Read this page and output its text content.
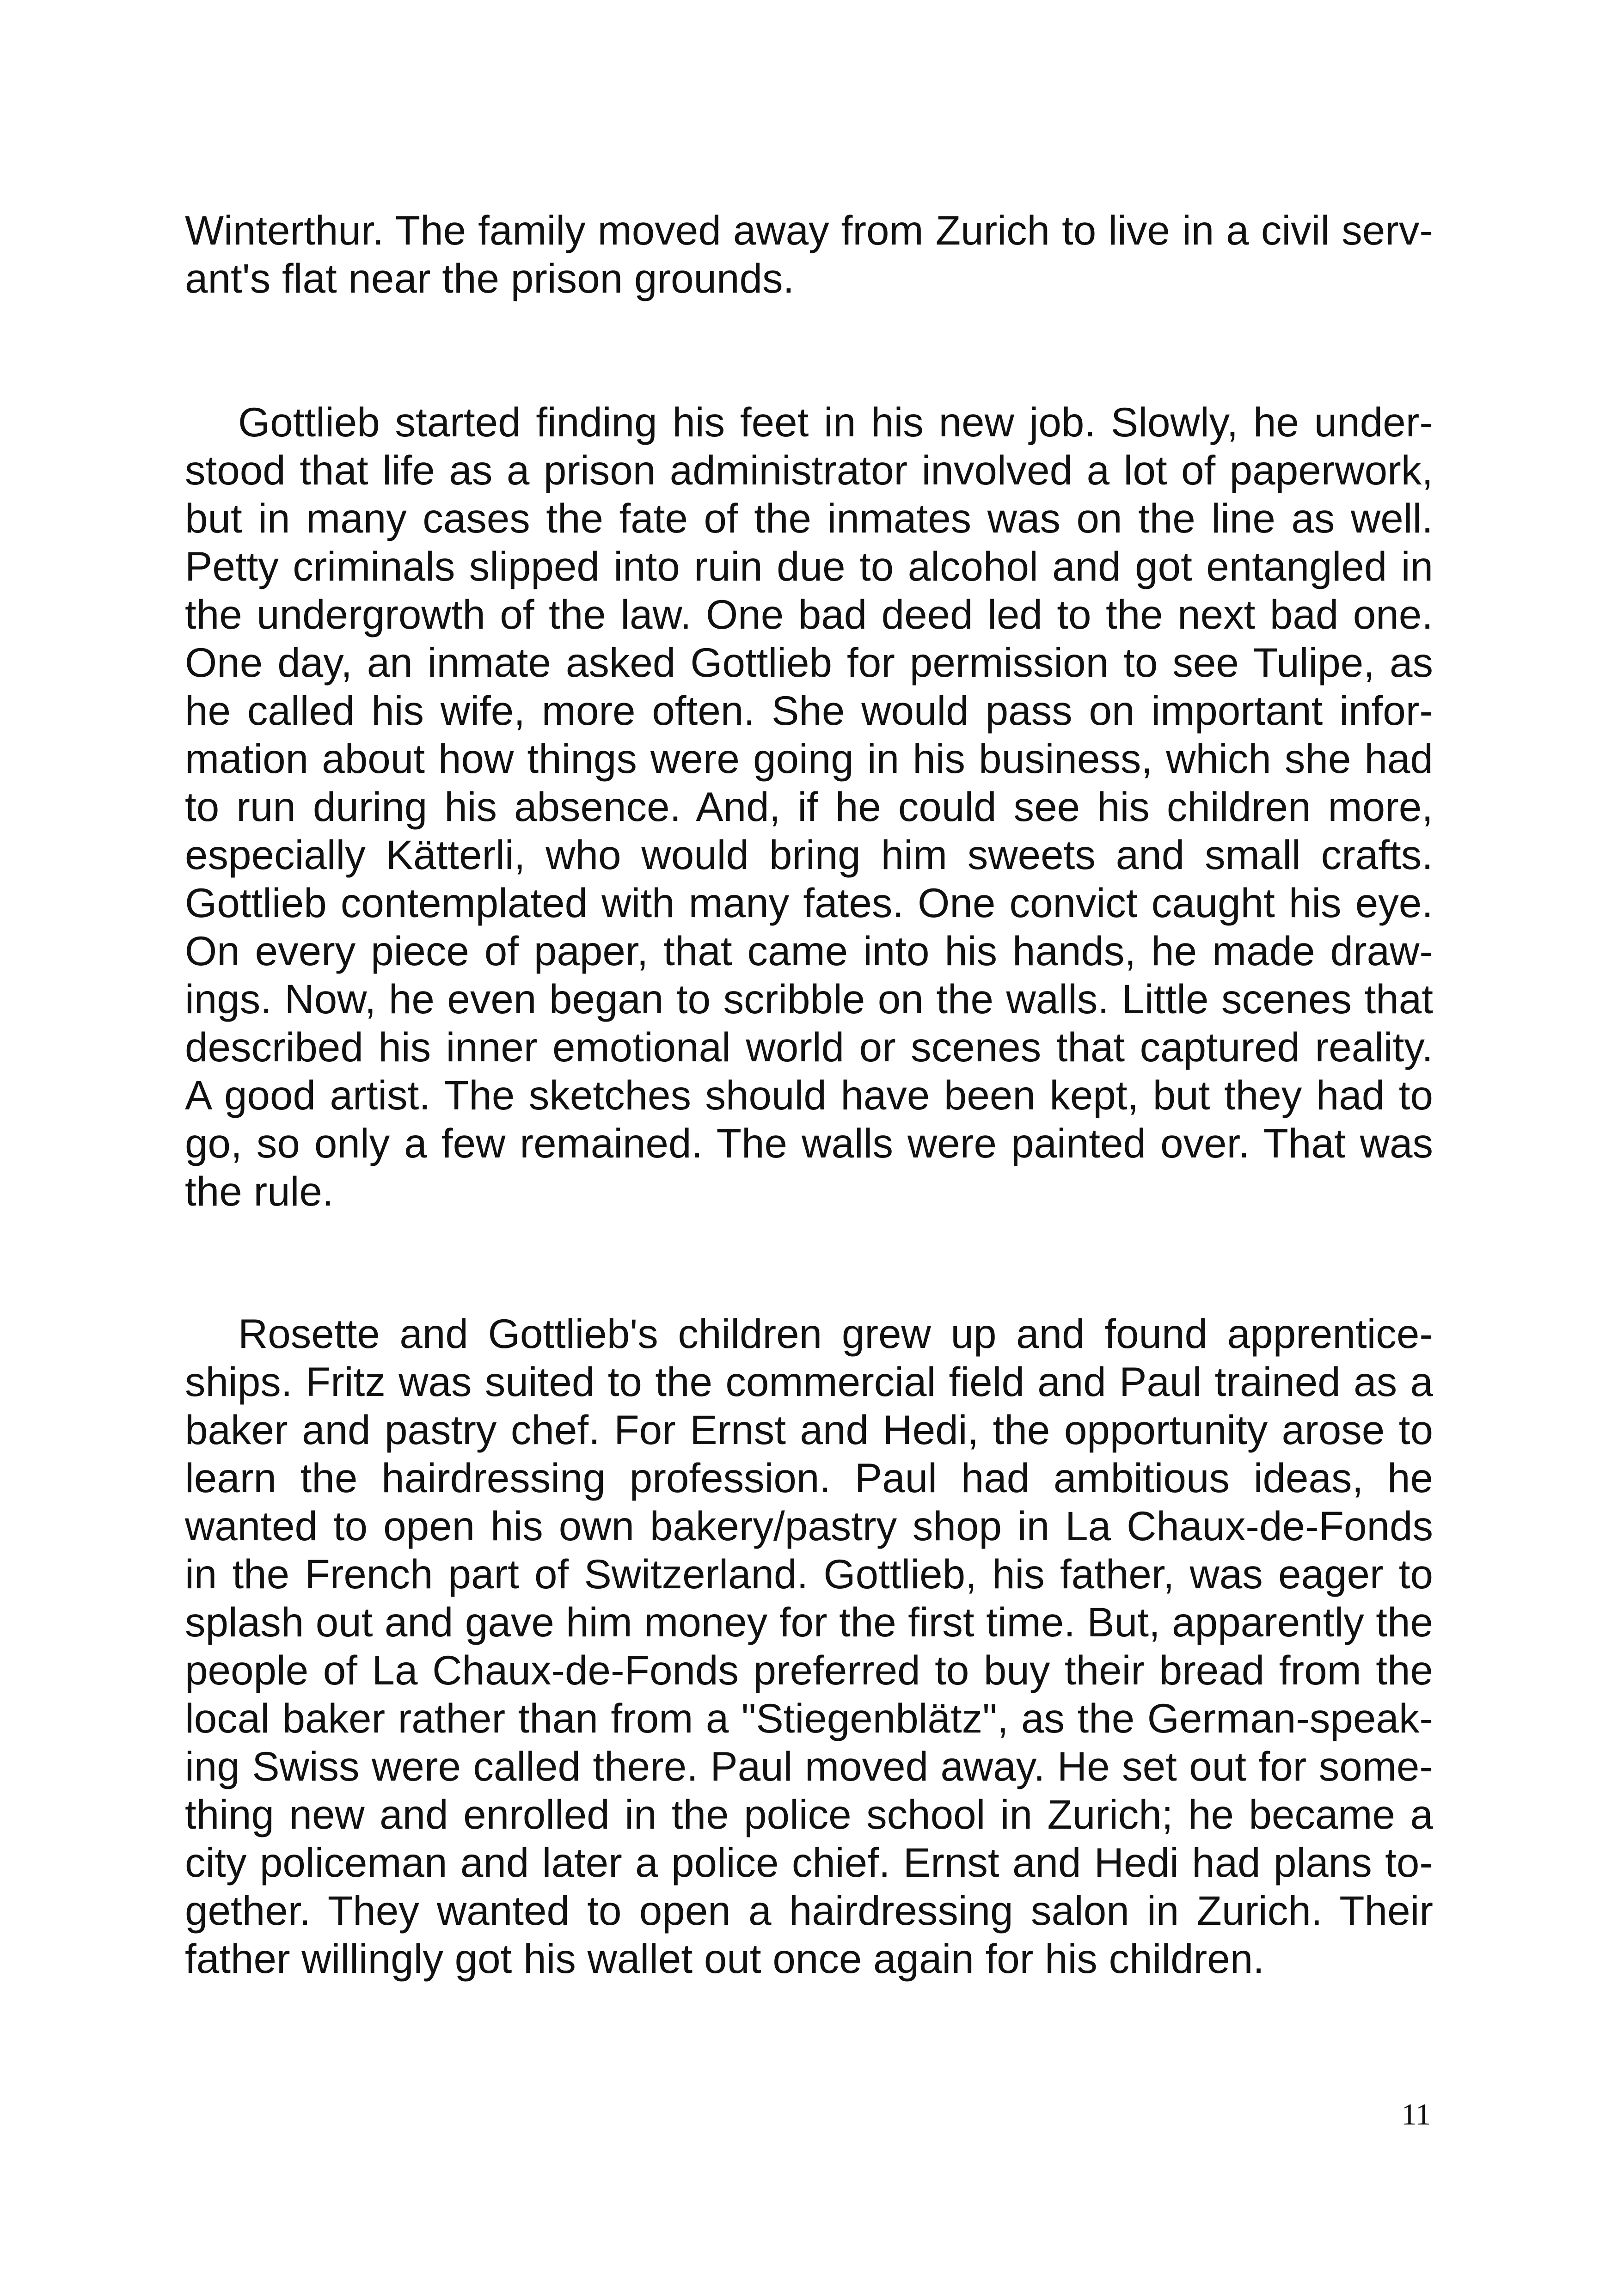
Winterthur. The family moved away from Zurich to live in a civil serv-
ant's flat near the prison grounds.
Gottlieb started finding his feet in his new job. Slowly, he under-
stood that life as a prison administrator involved a lot of paperwork,
but in many cases the fate of the inmates was on the line as well.
Petty criminals slipped into ruin due to alcohol and got entangled in
the undergrowth of the law. One bad deed led to the next bad one.
One day, an inmate asked Gottlieb for permission to see Tulipe, as
he called his wife, more often. She would pass on important infor-
mation about how things were going in his business, which she had
to run during his absence. And, if he could see his children more,
especially Kätterli, who would bring him sweets and small crafts.
Gottlieb contemplated with many fates. One convict caught his eye.
On every piece of paper, that came into his hands, he made draw-
ings. Now, he even began to scribble on the walls. Little scenes that
described his inner emotional world or scenes that captured reality.
A good artist. The sketches should have been kept, but they had to
go, so only a few remained. The walls were painted over. That was
the rule.
Rosette and Gottlieb's children grew up and found apprentice-
ships. Fritz was suited to the commercial field and Paul trained as a
baker and pastry chef. For Ernst and Hedi, the opportunity arose to
learn the hairdressing profession. Paul had ambitious ideas, he
wanted to open his own bakery/pastry shop in La Chaux-de-Fonds
in the French part of Switzerland. Gottlieb, his father, was eager to
splash out and gave him money for the first time. But, apparently the
people of La Chaux-de-Fonds preferred to buy their bread from the
local baker rather than from a "Stiegenblätz", as the German-speak-
ing Swiss were called there. Paul moved away. He set out for some-
thing new and enrolled in the police school in Zurich; he became a
city policeman and later a police chief. Ernst and Hedi had plans to-
gether. They wanted to open a hairdressing salon in Zurich. Their
father willingly got his wallet out once again for his children.
11
